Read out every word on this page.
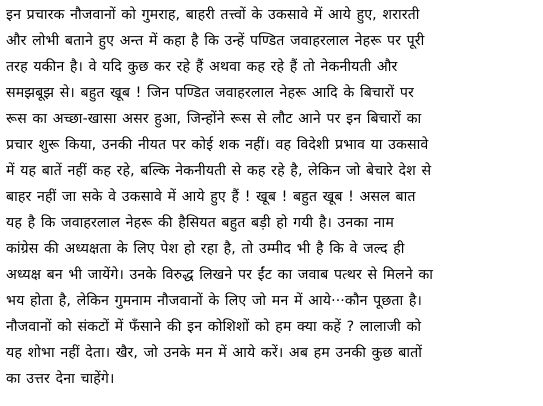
इन प्रचारक नौजवानों को गुमराह, बाहरी तत्त्वों के उकसावे में आये हुए, शरारती
और लोभी बताने हुए अन्त में कहा है कि उन्हें पण्डित जवाहरलाल नेहरू पर पूरी
तरह यकीन है। वे यदि कुछ कर रहे हैं अथवा कह रहे हैं तो नेकनीयती और
समझबूझ से। बहुत खूब ! जिन पण्डित जवाहरलाल नेहरू आदि के बिचारों पर
रूस का अच्छा-खासा असर हुआ, जिन्होंने रूस से लौट आने पर इन बिचारों का
प्रचार शुरू किया, उनकी नीयत पर कोई शक नहीं। वह विदेशी प्रभाव या उकसावे
में यह बातें नहीं कह रहे, बल्कि नेकनीयती से कह रहे है, लेकिन जो बेचारे देश से
बाहर नहीं जा सके वे उकसावे में आये हुए हैं ! खूब ! बहुत खूब ! असल बात
यह है कि जवाहरलाल नेहरू की हैसियत बहुत बड़ी हो गयी है। उनका नाम
कांग्रेस की अध्यक्षता के लिए पेश हो रहा है, तो उम्मीद भी है कि वे जल्द ही
अध्यक्ष बन भी जायेंगे। उनके विरुद्ध लिखने पर ईंट का जवाब पत्थर से मिलने का
भय होता है, लेकिन गुमनाम नौजवानों के लिए जो मन में आये···कौन पूछता है।
नौजवानों को संकटों में फँसाने की इन कोशिशों को हम क्या कहें ? लालाजी को
यह शोभा नहीं देता। खैर, जो उनके मन में आये करें। अब हम उनकी कुछ बातों
का उत्तर देना चाहेंगे।
